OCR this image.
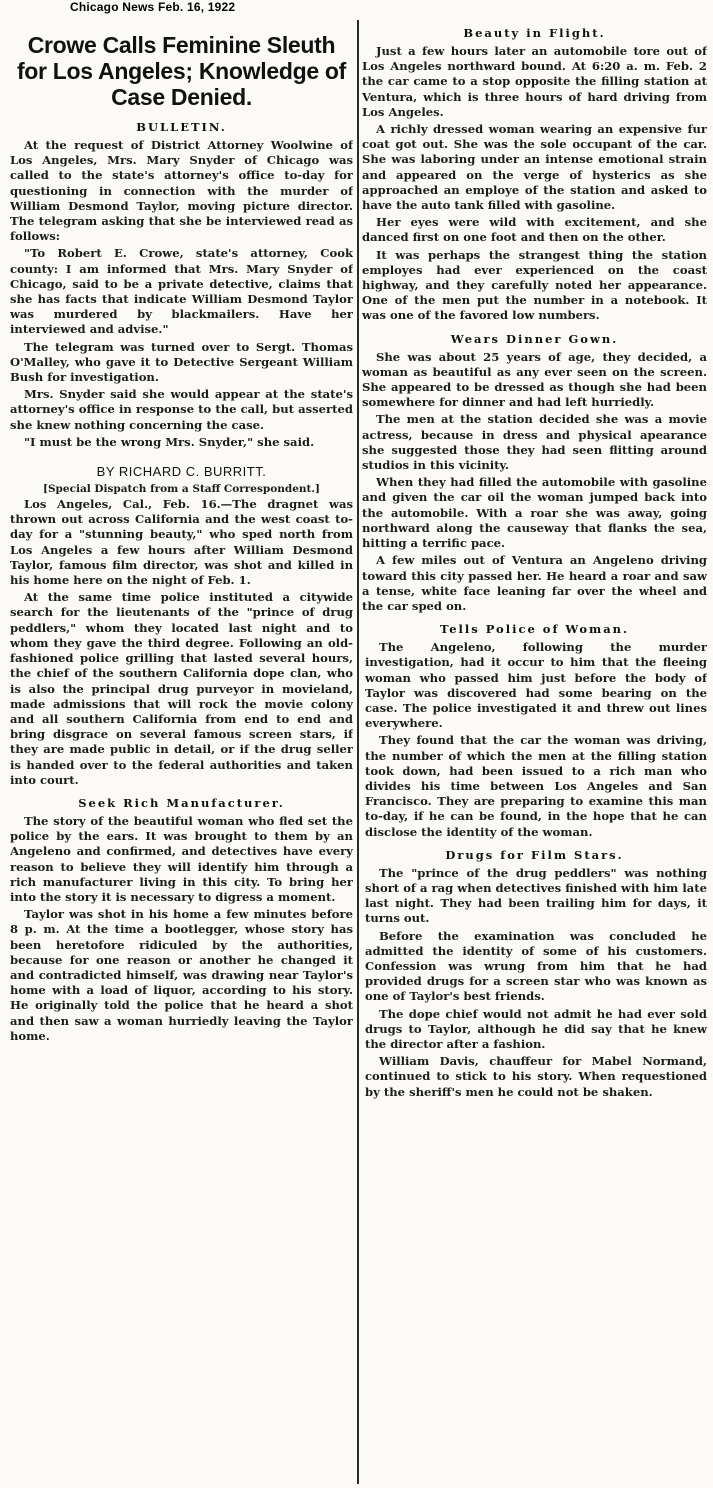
Chicago News Feb. 16, 1922
Crowe Calls Feminine Sleuth for Los Angeles; Knowledge of Case Denied.
BULLETIN.

At the request of District Attorney Woolwine of Los Angeles, Mrs. Mary Snyder of Chicago was called to the state's attorney's office to-day for questioning in connection with the murder of William Desmond Taylor, moving picture director. The telegram asking that she be interviewed read as follows:

"To Robert E. Crowe, state's attorney, Cook county: I am informed that Mrs. Mary Snyder of Chicago, said to be a private detective, claims that she has facts that indicate William Desmond Taylor was murdered by blackmailers. Have her interviewed and advise."

The telegram was turned over to Sergt. Thomas O'Malley, who gave it to Detective Sergeant William Bush for investigation.

Mrs. Snyder said she would appear at the state's attorney's office in response to the call, but asserted she knew nothing concerning the case.

"I must be the wrong Mrs. Snyder," she said.

BY RICHARD C. BURRITT.
[Special Dispatch from a Staff Correspondent.]

Los Angeles, Cal., Feb. 16.—The dragnet was thrown out across California and the west coast to-day for a "stunning beauty," who sped north from Los Angeles a few hours after William Desmond Taylor, famous film director, was shot and killed in his home here on the night of Feb. 1.

At the same time police instituted a citywide search for the lieutenants of the "prince of drug peddlers," whom they located last night and to whom they gave the third degree. Following an old-fashioned police grilling that lasted several hours, the chief of the southern California dope clan, who is also the principal drug purveyor in movieland, made admissions that will rock the movie colony and all southern California from end to end and bring disgrace on several famous screen stars, if they are made public in detail, or if the drug seller is handed over to the federal authorities and taken into court.

Seek Rich Manufacturer.

The story of the beautiful woman who fled set the police by the ears. It was brought to them by an Angeleno and confirmed, and detectives have every reason to believe they will identify him through a rich manufacturer living in this city. To bring her into the story it is necessary to digress a moment.

Taylor was shot in his home a few minutes before 8 p. m. At the time a bootlegger, whose story has been heretofore ridiculed by the authorities, because for one reason or another he changed it and contradicted himself, was drawing near Taylor's home with a load of liquor, according to his story. He originally told the police that he heard a shot and then saw a woman hurriedly leaving the Taylor home.

Beauty in Flight.

Just a few hours later an automobile tore out of Los Angeles northward bound. At 6:20 a. m. Feb. 2 the car came to a stop opposite the filling station at Ventura, which is three hours of hard driving from Los Angeles.

A richly dressed woman wearing an expensive fur coat got out. She was the sole occupant of the car. She was laboring under an intense emotional strain and appeared on the verge of hysterics as she approached an employe of the station and asked to have the auto tank filled with gasoline.

Her eyes were wild with excitement, and she danced first on one foot and then on the other.

It was perhaps the strangest thing the station employes had ever experienced on the coast highway, and they carefully noted her appearance. One of the men put the number in a notebook. It was one of the favored low numbers.

Wears Dinner Gown.

She was about 25 years of age, they decided, a woman as beautiful as any ever seen on the screen. She appeared to be dressed as though she had been somewhere for dinner and had left hurriedly.

The men at the station decided she was a movie actress, because in dress and physical apearance she suggested those they had seen flitting around studios in this vicinity.

When they had filled the automobile with gasoline and given the car oil the woman jumped back into the automobile. With a roar she was away, going northward along the causeway that flanks the sea, hitting a terrific pace.

A few miles out of Ventura an Angeleno driving toward this city passed her. He heard a roar and saw a tense, white face leaning far over the wheel and the car sped on.

Tells Police of Woman.

The Angeleno, following the murder investigation, had it occur to him that the fleeing woman who passed him just before the body of Taylor was discovered had some bearing on the case. The police investigated it and threw out lines everywhere.

They found that the car the woman was driving, the number of which the men at the filling station took down, had been issued to a rich man who divides his time between Los Angeles and San Francisco. They are preparing to examine this man to-day, if he can be found, in the hope that he can disclose the identity of the woman.

Drugs for Film Stars.

The "prince of the drug peddlers" was nothing short of a rag when detectives finished with him late last night. They had been trailing him for days, it turns out.

Before the examination was concluded he admitted the identity of some of his customers. Confession was wrung from him that he had provided drugs for a screen star who was known as one of Taylor's best friends.

The dope chief would not admit he had ever sold drugs to Taylor, although he did say that he knew the director after a fashion.

William Davis, chauffeur for Mabel Normand, continued to stick to his story. When requestioned by the sheriff's men he could not be shaken.
